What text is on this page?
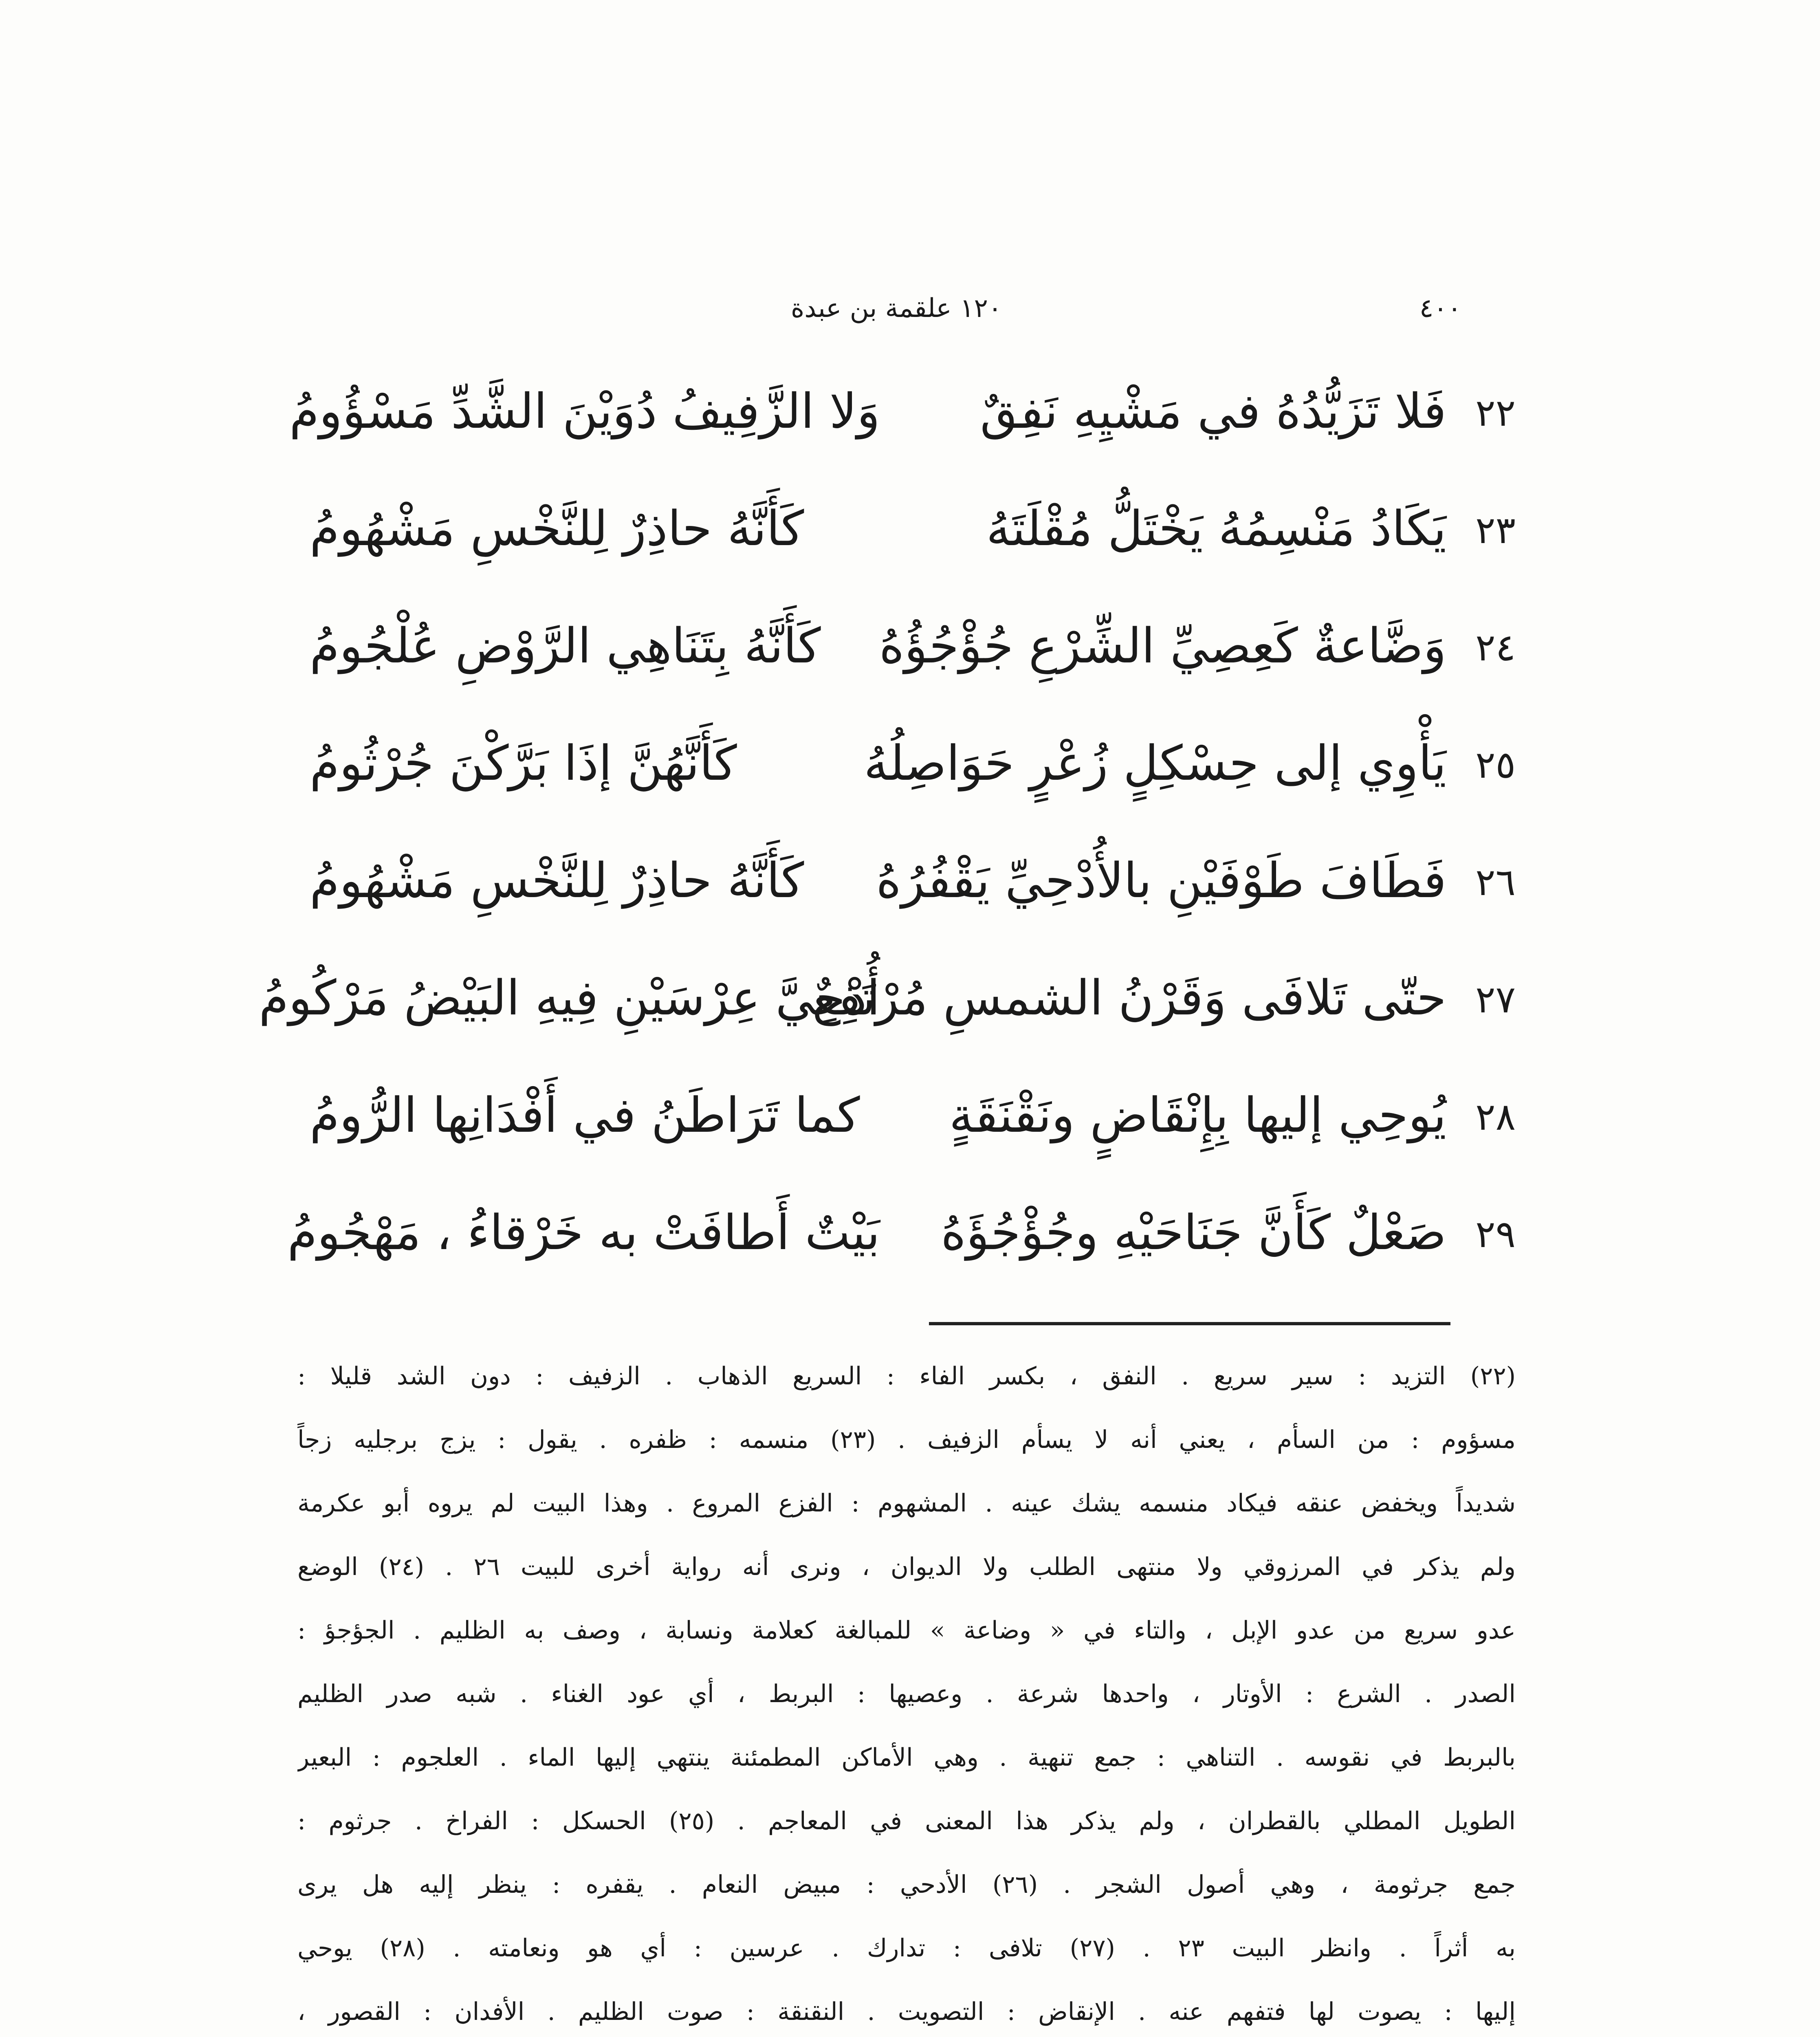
٤٠٠
١٢٠ علقمة بن عبدة
٢٢
فَلا تَزَيُّدُهُ في مَشْيِهِ نَفِقٌ
وَلا الزَّفِيفُ دُوَيْنَ الشَّدِّ مَسْؤُومُ
٢٣
يَكَادُ مَنْسِمُهُ يَخْتَلُّ مُقْلَتَهُ
كَأَنَّهُ حاذِرٌ لِلنَّخْسِ مَشْهُومُ
٢٤
وَضَّاعةٌ كَعِصِيِّ الشِّرْعِ جُؤْجُؤُهُ
كَأَنَّهُ بِتَنَاهِي الرَّوْضِ عُلْجُومُ
٢٥
يَأْوِي إلى حِسْكِلٍ زُعْرٍ حَوَاصِلُهُ
كَأَنَّهُنَّ إذَا بَرَّكْنَ جُرْثُومُ
٢٦
فَطَافَ طَوْفَيْنِ بالأُدْحِيِّ يَقْفُرُهُ
كَأَنَّهُ حاذِرٌ لِلنَّخْسِ مَشْهُومُ
٢٧
حتّى تَلافَى وَقَرْنُ الشمسِ مُرْتَفِعٌ
أُدْحِيَّ عِرْسَيْنِ فِيهِ البَيْضُ مَرْكُومُ
٢٨
يُوحِي إليها بِإِنْقَاضٍ ونَقْنَقَةٍ
كما تَرَاطَنُ في أَفْدَانِها الرُّومُ
٢٩
صَعْلٌ كَأَنَّ جَنَاحَيْهِ وجُؤْجُؤَهُ
بَيْتٌ أَطافَتْ به خَرْقاءُ ، مَهْجُومُ
(٢٢) التزيد : سير سريع . النفق ، بكسر الفاء : السريع الذهاب . الزفيف : دون الشد قليلا :
مسؤوم : من السأم ، يعني أنه لا يسأم الزفيف . (٢٣) منسمه : ظفره . يقول : يزج برجليه زجاً
شديداً ويخفض عنقه فيكاد منسمه يشك عينه . المشهوم : الفزع المروع . وهذا البيت لم يروه أبو عكرمة
ولم يذكر في المرزوقي ولا منتهى الطلب ولا الديوان ، ونرى أنه رواية أخرى للبيت ٢٦ . (٢٤) الوضع
عدو سريع من عدو الإبل ، والتاء في « وضاعة » للمبالغة كعلامة ونسابة ، وصف به الظليم . الجؤجؤ :
الصدر . الشرع : الأوتار ، واحدها شرعة . وعصيها : البربط ، أي عود الغناء . شبه صدر الظليم
بالبربط في نقوسه . التناهي : جمع تنهية . وهي الأماكن المطمئنة ينتهي إليها الماء . العلجوم : البعير
الطويل المطلي بالقطران ، ولم يذكر هذا المعنى في المعاجم . (٢٥) الحسكل : الفراخ . جرثوم :
جمع جرثومة ، وهي أصول الشجر . (٢٦) الأدحي : مبيض النعام . يقفره : ينظر إليه هل يرى
به أثراً . وانظر البيت ٢٣ . (٢٧) تلافى : تدارك . عرسين : أي هو ونعامته . (٢٨) يوحي
إليها : يصوت لها فتفهم عنه . الإنقاض : التصويت . النقنقة : صوت الظليم . الأفدان : القصور ،
